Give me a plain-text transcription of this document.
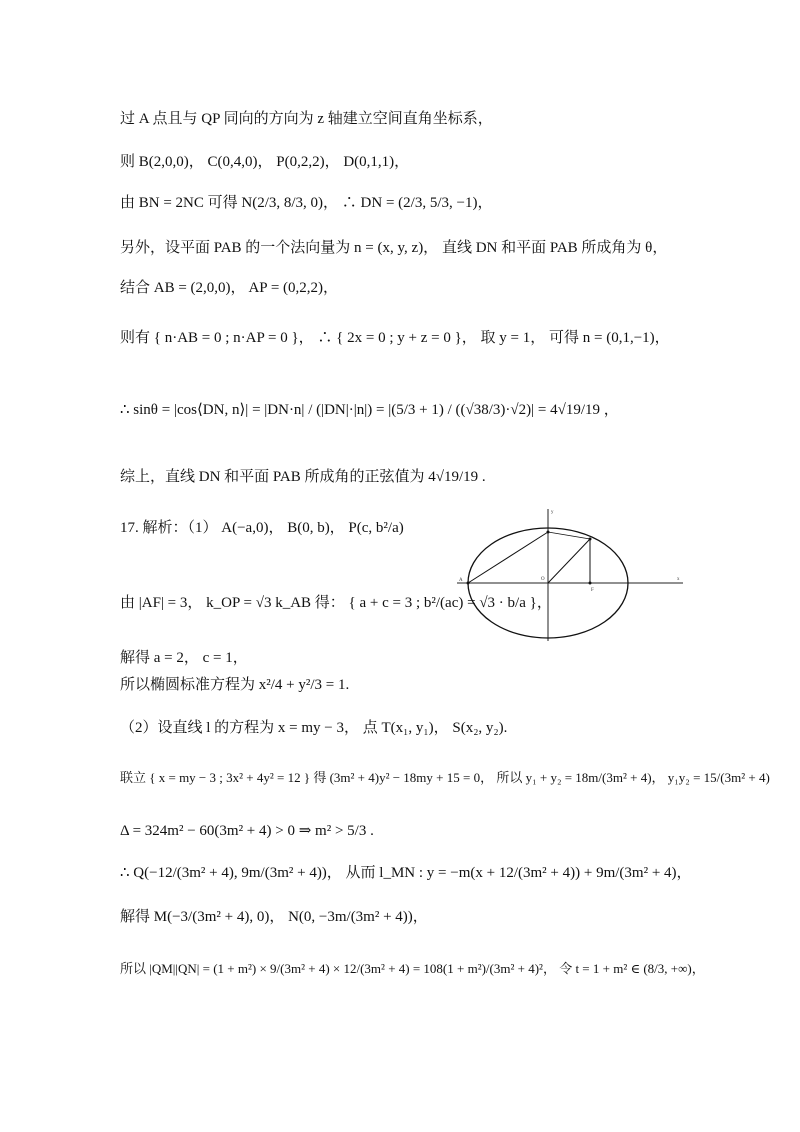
过 A 点且与 QP 同向的方向为 z 轴建立空间直角坐标系，
则 B(2,0,0)， C(0,4,0)， P(0,2,2)， D(0,1,1)，
由 BN = 2NC 可得 N(2/3, 8/3, 0)， ∴ DN = (2/3, 5/3, −1)，
另外，设平面 PAB 的一个法向量为 n = (x, y, z)， 直线 DN 和平面 PAB 所成角为 θ，
结合 AB = (2,0,0)， AP = (0,2,2)，
则有 { n·AB = 0 ; n·AP = 0 }， ∴ { 2x = 0 ; y + z = 0 }， 取 y = 1， 可得 n = (0,1,−1)，
∴ sinθ = |cos⟨DN, n⟩| = |DN·n| / (|DN|·|n|) = |(5/3 + 1) / ((√38/3)·√2)| = 4√19/19 ，
综上，直线 DN 和平面 PAB 所成角的正弦值为 4√19/19 .
17. 解析：（1） A(−a,0)， B(0, b)， P(c, b²/a)
由 |AF| = 3， k_OP = √3 k_AB 得： { a + c = 3 ; b²/(ac) = √3 · b/a }，
解得 a = 2， c = 1，
所以椭圆标准方程为 x²/4 + y²/3 = 1.
（2）设直线 l 的方程为 x = my − 3， 点 T(x₁, y₁)， S(x₂, y₂).
联立 { x = my − 3 ; 3x² + 4y² = 12 } 得 (3m² + 4)y² − 18my + 15 = 0， 所以 y₁ + y₂ = 18m/(3m² + 4)， y₁y₂ = 15/(3m² + 4)
Δ = 324m² − 60(3m² + 4) > 0 ⇒ m² > 5/3 .
∴ Q(−12/(3m² + 4), 9m/(3m² + 4))， 从而 l_MN : y = −m(x + 12/(3m² + 4)) + 9m/(3m² + 4)，
解得 M(−3/(3m² + 4), 0)， N(0, −3m/(3m² + 4))，
所以 |QM||QN| = (1 + m²) × 9/(3m² + 4) × 12/(3m² + 4) = 108(1 + m²)/(3m² + 4)²， 令 t = 1 + m² ∈ (8/3, +∞)，
A	O
F
x
y
